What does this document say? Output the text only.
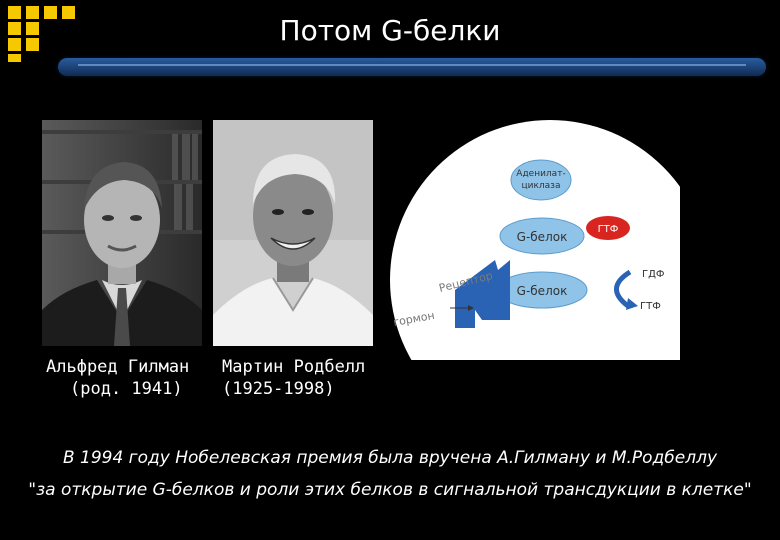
Потом G-белки
Альфред Гилман
(род. 1941)
Мартин Родбелл
(1925-1998)
Аденилат-
циклаза
G-белок
ГТФ
G-белок
ГДФ
ГТФ
Рецептор
гормон
В 1994 году Нобелевская премия была вручена А.Гилману и М.Родбеллу
"за открытие G-белков и роли этих белков в сигнальной трансдукции в клетке"
